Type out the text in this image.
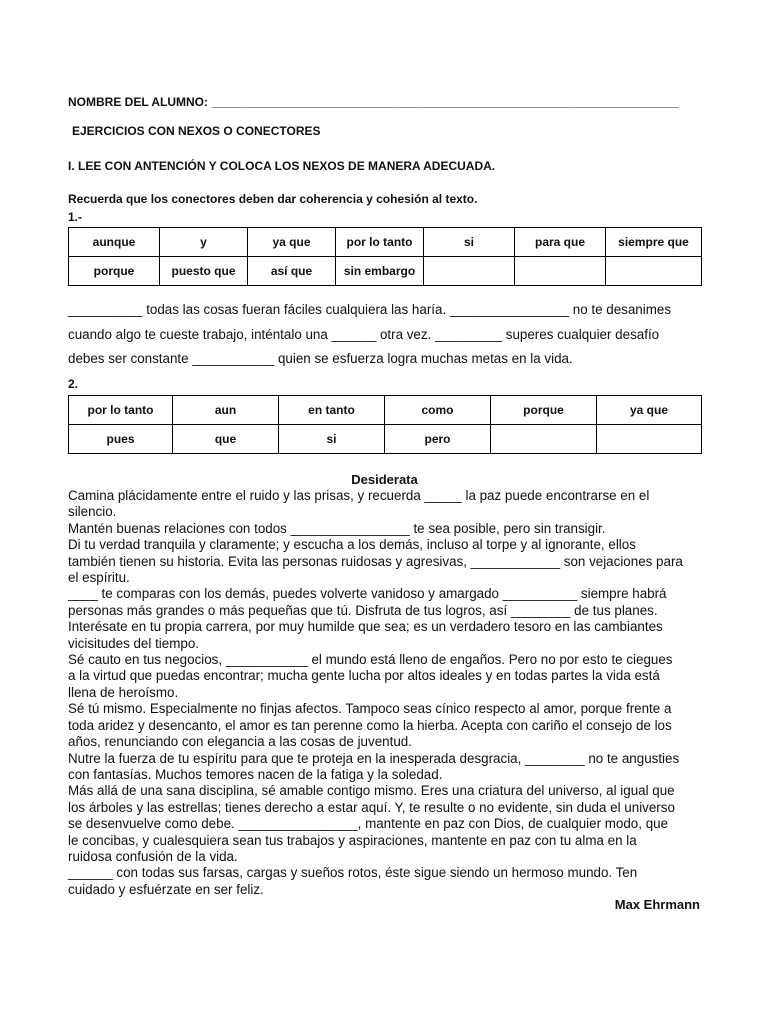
NOMBRE DEL ALUMNO: ______________________________________________________________________
EJERCICIOS CON NEXOS O CONECTORES
I. LEE CON ANTENCIÓN Y COLOCA LOS NEXOS DE MANERA ADECUADA.
Recuerda que los conectores deben dar coherencia y cohesión al texto.
1.-
aunque	y	ya que	por lo tanto	si	para que	siempre que
porque	puesto que	así que	sin embargo			

__________ todas las cosas fueran fáciles cualquiera las haría. ________________ no te desanimes

cuando algo te cueste trabajo, inténtalo una ______ otra vez. _________ superes cualquier desafío

debes ser constante ___________ quien se esfuerza logra muchas metas en la vida.

2.
por lo tanto	aun	en tanto	como	porque	ya que
pues	que	si	pero		
Desiderata

Camina plácidamente entre el ruido y las prisas, y recuerda _____ la paz puede encontrarse en el

silencio.

Mantén buenas relaciones con todos ________________ te sea posible, pero sin transigir.

Di tu verdad tranquila y claramente; y escucha a los demás, incluso al torpe y al ignorante, ellos

también tienen su historia. Evita las personas ruidosas y agresivas, ____________ son vejaciones para

el espíritu.

____ te comparas con los demás, puedes volverte vanidoso y amargado __________ siempre habrá

personas más grandes o más pequeñas que tú. Disfruta de tus logros, así ________ de tus planes.

Interésate en tu propia carrera, por muy humilde que sea; es un verdadero tesoro en las cambiantes

vicisitudes del tiempo.

Sé cauto en tus negocios, ___________ el mundo está lleno de engaños. Pero no por esto te ciegues

a la virtud que puedas encontrar; mucha gente lucha por altos ideales y en todas partes la vida está

llena de heroísmo.

Sé tú mismo. Especialmente no finjas afectos. Tampoco seas cínico respecto al amor, porque frente a

toda aridez y desencanto, el amor es tan perenne como la hierba. Acepta con cariño el consejo de los

años, renunciando con elegancia a las cosas de juventud.

Nutre la fuerza de tu espíritu para que te proteja en la inesperada desgracia, ________ no te angusties

con fantasías. Muchos temores nacen de la fatiga y la soledad.

Más allá de una sana disciplina, sé amable contigo mismo. Eres una criatura del universo, al igual que

los árboles y las estrellas; tienes derecho a estar aquí. Y, te resulte o no evidente, sin duda el universo

se desenvuelve como debe. ________________, mantente en paz con Dios, de cualquier modo, que

le concibas, y cualesquiera sean tus trabajos y aspiraciones, mantente en paz con tu alma en la

ruidosa confusión de la vida.

______ con todas sus farsas, cargas y sueños rotos, éste sigue siendo un hermoso mundo. Ten

cuidado y esfuérzate en ser feliz.

Max Ehrmann
